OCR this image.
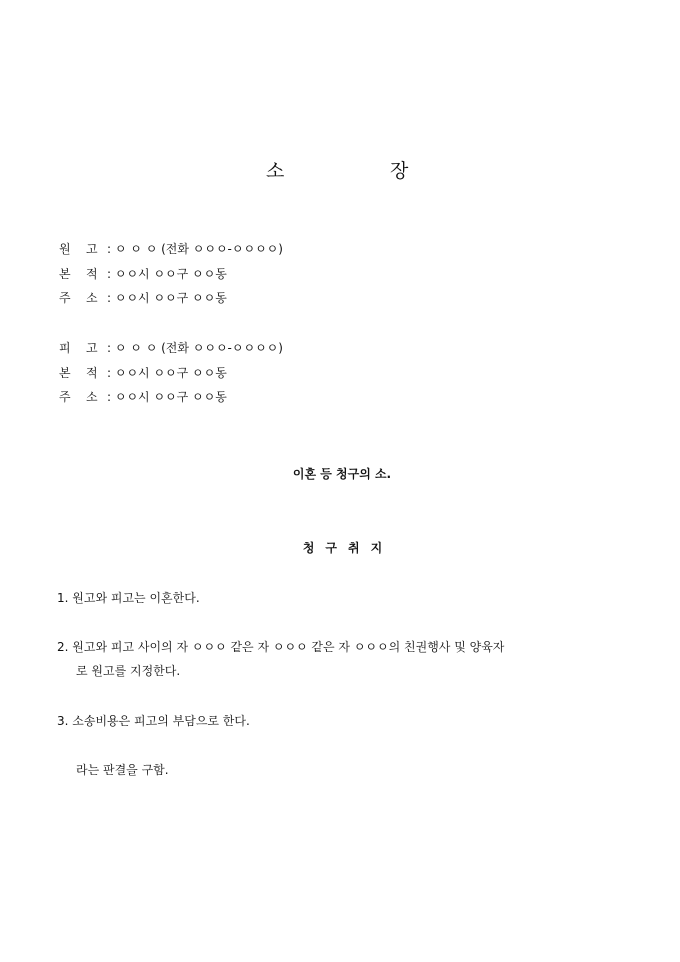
소	장
원 고 : ㅇ ㅇ ㅇ (전화 ㅇㅇㅇ-ㅇㅇㅇㅇ)
본 적 : ㅇㅇ시 ㅇㅇ구 ㅇㅇ동
주 소 : ㅇㅇ시 ㅇㅇ구 ㅇㅇ동
피 고 : ㅇ ㅇ ㅇ (전화 ㅇㅇㅇ-ㅇㅇㅇㅇ)
본 적 : ㅇㅇ시 ㅇㅇ구 ㅇㅇ동
주 소 : ㅇㅇ시 ㅇㅇ구 ㅇㅇ동
이혼 등 청구의 소.
청구취지
1. 원고와 피고는 이혼한다.
2. 원고와 피고 사이의 자 ㅇㅇㅇ 같은 자 ㅇㅇㅇ 같은 자 ㅇㅇㅇ의 친권행사 및 양육자
로 원고를 지정한다.
3. 소송비용은 피고의 부담으로 한다.
라는 판결을 구함.
